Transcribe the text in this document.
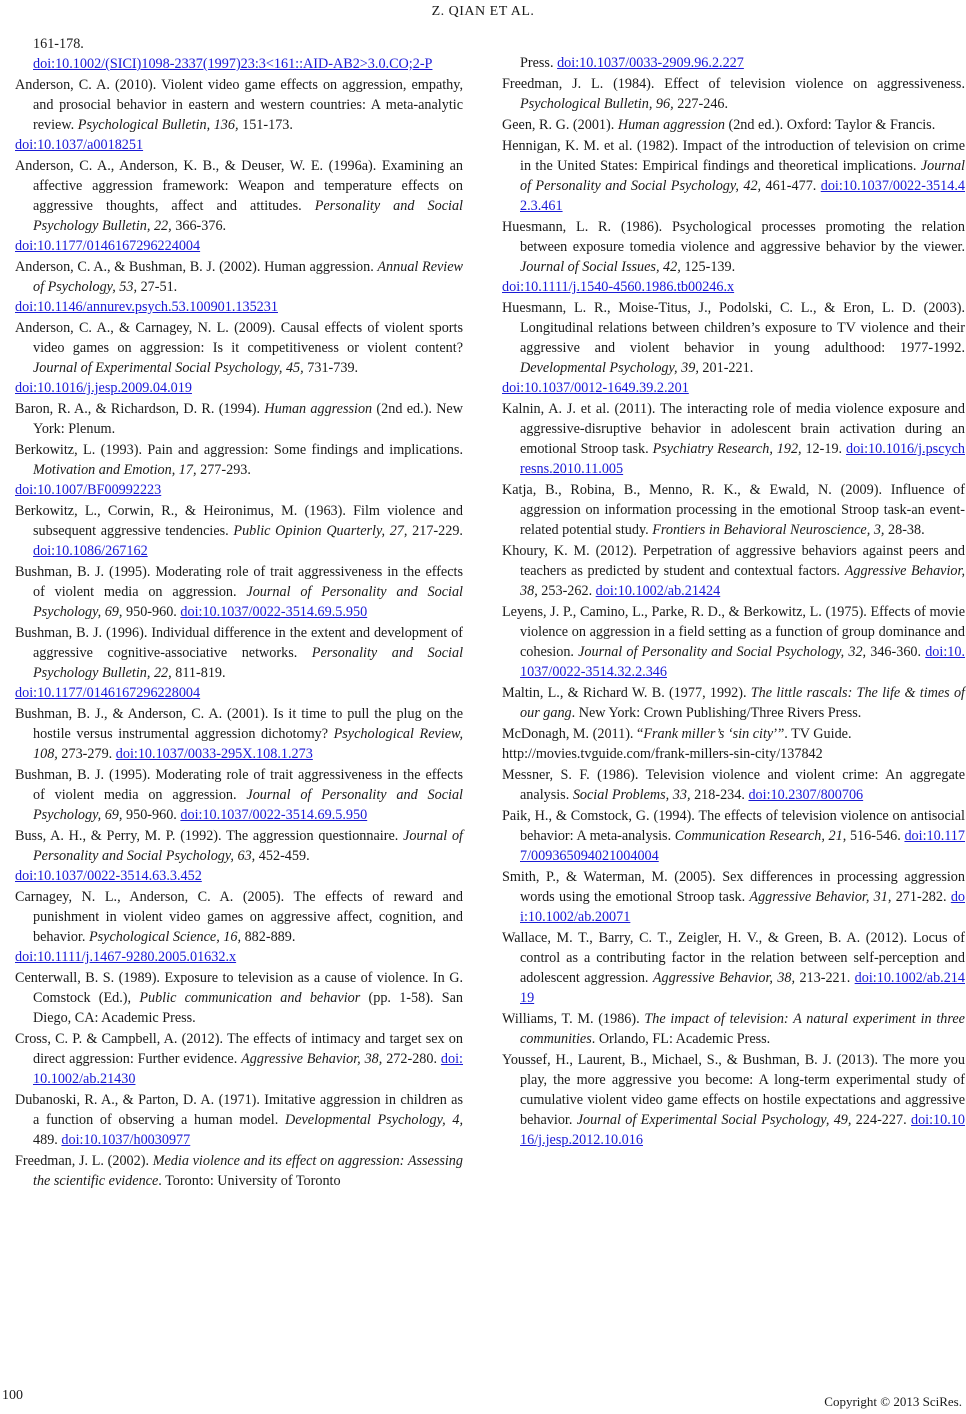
Z. QIAN ET AL.

161-178.
doi:10.1002/(SICI)1098-2337(1997)23:3<161::AID-AB2>3.0.CO;2-P

Anderson, C. A. (2010). Violent video game effects on aggression, empathy, and prosocial behavior in eastern and western countries: A meta-analytic review. Psychological Bulletin, 136, 151-173.
doi:10.1037/a0018251

Anderson, C. A., Anderson, K. B., & Deuser, W. E. (1996a). Examining an affective aggression framework: Weapon and temperature effects on aggressive thoughts, affect and attitudes. Personality and Social Psychology Bulletin, 22, 366-376.
doi:10.1177/0146167296224004

Anderson, C. A., & Bushman, B. J. (2002). Human aggression. Annual Review of Psychology, 53, 27-51.
doi:10.1146/annurev.psych.53.100901.135231

Anderson, C. A., & Carnagey, N. L. (2009). Causal effects of violent sports video games on aggression: Is it competitiveness or violent content? Journal of Experimental Social Psychology, 45, 731-739.
doi:10.1016/j.jesp.2009.04.019

Baron, R. A., & Richardson, D. R. (1994). Human aggression (2nd ed.). New York: Plenum.

Berkowitz, L. (1993). Pain and aggression: Some findings and implications. Motivation and Emotion, 17, 277-293.
doi:10.1007/BF00992223

Berkowitz, L., Corwin, R., & Heironimus, M. (1963). Film violence and subsequent aggressive tendencies. Public Opinion Quarterly, 27, 217-229. doi:10.1086/267162

Bushman, B. J. (1995). Moderating role of trait aggressiveness in the effects of violent media on aggression. Journal of Personality and Social Psychology, 69, 950-960. doi:10.1037/0022-3514.69.5.950

Bushman, B. J. (1996). Individual difference in the extent and development of aggressive cognitive-associative networks. Personality and Social Psychology Bulletin, 22, 811-819.
doi:10.1177/0146167296228004

Bushman, B. J., & Anderson, C. A. (2001). Is it time to pull the plug on the hostile versus instrumental aggression dichotomy? Psychological Review, 108, 273-279. doi:10.1037/0033-295X.108.1.273

Bushman, B. J. (1995). Moderating role of trait aggressiveness in the effects of violent media on aggression. Journal of Personality and Social Psychology, 69, 950-960. doi:10.1037/0022-3514.69.5.950

Buss, A. H., & Perry, M. P. (1992). The aggression questionnaire. Journal of Personality and Social Psychology, 63, 452-459.
doi:10.1037/0022-3514.63.3.452

Carnagey, N. L., Anderson, C. A. (2005). The effects of reward and punishment in violent video games on aggressive affect, cognition, and behavior. Psychological Science, 16, 882-889.
doi:10.1111/j.1467-9280.2005.01632.x

Centerwall, B. S. (1989). Exposure to television as a cause of violence. In G. Comstock (Ed.), Public communication and behavior (pp. 1-58). San Diego, CA: Academic Press.

Cross, C. P. & Campbell, A. (2012). The effects of intimacy and target sex on direct aggression: Further evidence. Aggressive Behavior, 38, 272-280. doi:10.1002/ab.21430

Dubanoski, R. A., & Parton, D. A. (1971). Imitative aggression in children as a function of observing a human model. Developmental Psychology, 4, 489. doi:10.1037/h0030977

Freedman, J. L. (2002). Media violence and its effect on aggression: Assessing the scientific evidence. Toronto: University of Toronto

Press. doi:10.1037/0033-2909.96.2.227

Freedman, J. L. (1984). Effect of television violence on aggressiveness. Psychological Bulletin, 96, 227-246.

Geen, R. G. (2001). Human aggression (2nd ed.). Oxford: Taylor & Francis.

Hennigan, K. M. et al. (1982). Impact of the introduction of television on crime in the United States: Empirical findings and theoretical implications. Journal of Personality and Social Psychology, 42, 461-477. doi:10.1037/0022-3514.42.3.461

Huesmann, L. R. (1986). Psychological processes promoting the relation between exposure tomedia violence and aggressive behavior by the viewer. Journal of Social Issues, 42, 125-139.
doi:10.1111/j.1540-4560.1986.tb00246.x

Huesmann, L. R., Moise-Titus, J., Podolski, C. L., & Eron, L. D. (2003). Longitudinal relations between children’s exposure to TV violence and their aggressive and violent behavior in young adulthood: 1977-1992. Developmental Psychology, 39, 201-221.
doi:10.1037/0012-1649.39.2.201

Kalnin, A. J. et al. (2011). The interacting role of media violence exposure and aggressive-disruptive behavior in adolescent brain activation during an emotional Stroop task. Psychiatry Research, 192, 12-19. doi:10.1016/j.pscychresns.2010.11.005

Katja, B., Robina, B., Menno, R. K., & Ewald, N. (2009). Influence of aggression on information processing in the emotional Stroop task-an event-related potential study. Frontiers in Behavioral Neuroscience, 3, 28-38.

Khoury, K. M. (2012). Perpetration of aggressive behaviors against peers and teachers as predicted by student and contextual factors. Aggressive Behavior, 38, 253-262. doi:10.1002/ab.21424

Leyens, J. P., Camino, L., Parke, R. D., & Berkowitz, L. (1975). Effects of movie violence on aggression in a field setting as a function of group dominance and cohesion. Journal of Personality and Social Psychology, 32, 346-360. doi:10.1037/0022-3514.32.2.346

Maltin, L., & Richard W. B. (1977, 1992). The little rascals: The life & times of our gang. New York: Crown Publishing/Three Rivers Press.

McDonagh, M. (2011). “Frank miller’s ‘sin city’”. TV Guide.
http://movies.tvguide.com/frank-millers-sin-city/137842

Messner, S. F. (1986). Television violence and violent crime: An aggregate analysis. Social Problems, 33, 218-234. doi:10.2307/800706

Paik, H., & Comstock, G. (1994). The effects of television violence on antisocial behavior: A meta-analysis. Communication Research, 21, 516-546. doi:10.1177/009365094021004004

Smith, P., & Waterman, M. (2005). Sex differences in processing aggression words using the emotional Stroop task. Aggressive Behavior, 31, 271-282. doi:10.1002/ab.20071

Wallace, M. T., Barry, C. T., Zeigler, H. V., & Green, B. A. (2012). Locus of control as a contributing factor in the relation between self-perception and adolescent aggression. Aggressive Behavior, 38, 213-221. doi:10.1002/ab.21419

Williams, T. M. (1986). The impact of television: A natural experiment in three communities. Orlando, FL: Academic Press.

Youssef, H., Laurent, B., Michael, S., & Bushman, B. J. (2013). The more you play, the more aggressive you become: A long-term experimental study of cumulative violent video game effects on hostile expectations and aggressive behavior. Journal of Experimental Social Psychology, 49, 224-227. doi:10.1016/j.jesp.2012.10.016

100	Copyright © 2013 SciRes.
